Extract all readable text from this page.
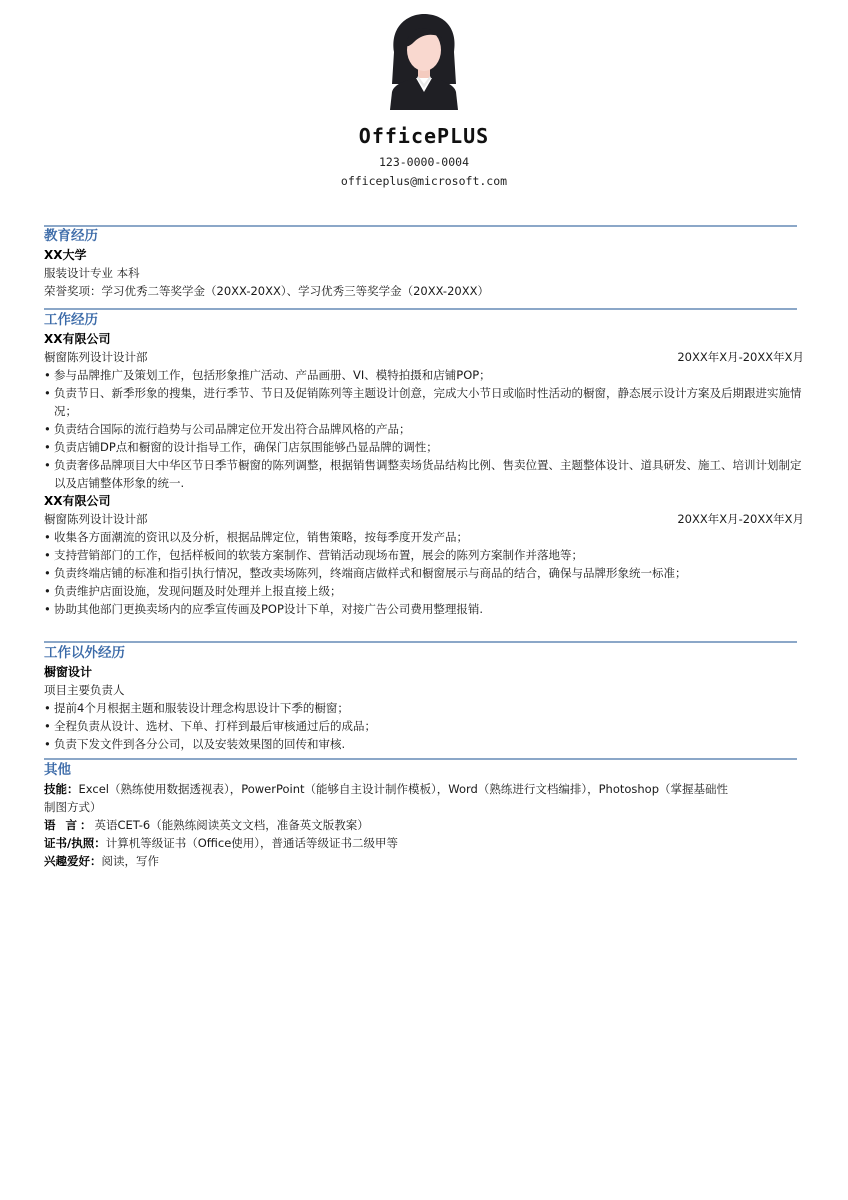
OfficePLUS
123-0000-0004
officeplus@microsoft.com
教育经历
XX大学
服装设计专业 本科
荣誉奖项：学习优秀二等奖学金（20XX-20XX）、学习优秀三等奖学金（20XX-20XX）
工作经历
XX有限公司
橱窗陈列设计设计部	20XX年X月-20XX年X月
• 参与品牌推广及策划工作，包括形象推广活动、产品画册、VI、模特拍摄和店铺POP；
• 负责节日、新季形象的搜集，进行季节、节日及促销陈列等主题设计创意，完成大小节日或临时性活动的橱窗，静态展示设计方案及后期跟进实施情况；
• 负责结合国际的流行趋势与公司品牌定位开发出符合品牌风格的产品；
• 负责店铺DP点和橱窗的设计指导工作，确保门店氛围能够凸显品牌的调性；
• 负责奢侈品牌项目大中华区节日季节橱窗的陈列调整，根据销售调整卖场货品结构比例、售卖位置、主题整体设计、道具研发、施工、培训计划制定以及店铺整体形象的统一.
XX有限公司
橱窗陈列设计设计部	20XX年X月-20XX年X月
• 收集各方面潮流的资讯以及分析，根据品牌定位，销售策略，按每季度开发产品；
• 支持营销部门的工作，包括样板间的软装方案制作、营销活动现场布置，展会的陈列方案制作并落地等；
• 负责终端店铺的标准和指引执行情况，整改卖场陈列，终端商店做样式和橱窗展示与商品的结合，确保与品牌形象统一标准；
• 负责维护店面设施，发现问题及时处理并上报直接上级；
• 协助其他部门更换卖场内的应季宣传画及POP设计下单，对接广告公司费用整理报销.
工作以外经历
橱窗设计
项目主要负责人
• 提前4个月根据主题和服装设计理念构思设计下季的橱窗；
• 全程负责从设计、选材、下单、打样到最后审核通过后的成品；
• 负责下发文件到各分公司，以及安装效果图的回传和审核.
其他
技能：Excel（熟练使用数据透视表），PowerPoint（能够自主设计制作模板），Word（熟练进行文档编排），Photoshop（掌握基础性
制图方式）
语 言：英语CET-6（能熟练阅读英文文档，准备英文版教案）
证书/执照：计算机等级证书（Office使用），普通话等级证书二级甲等
兴趣爱好：阅读，写作
